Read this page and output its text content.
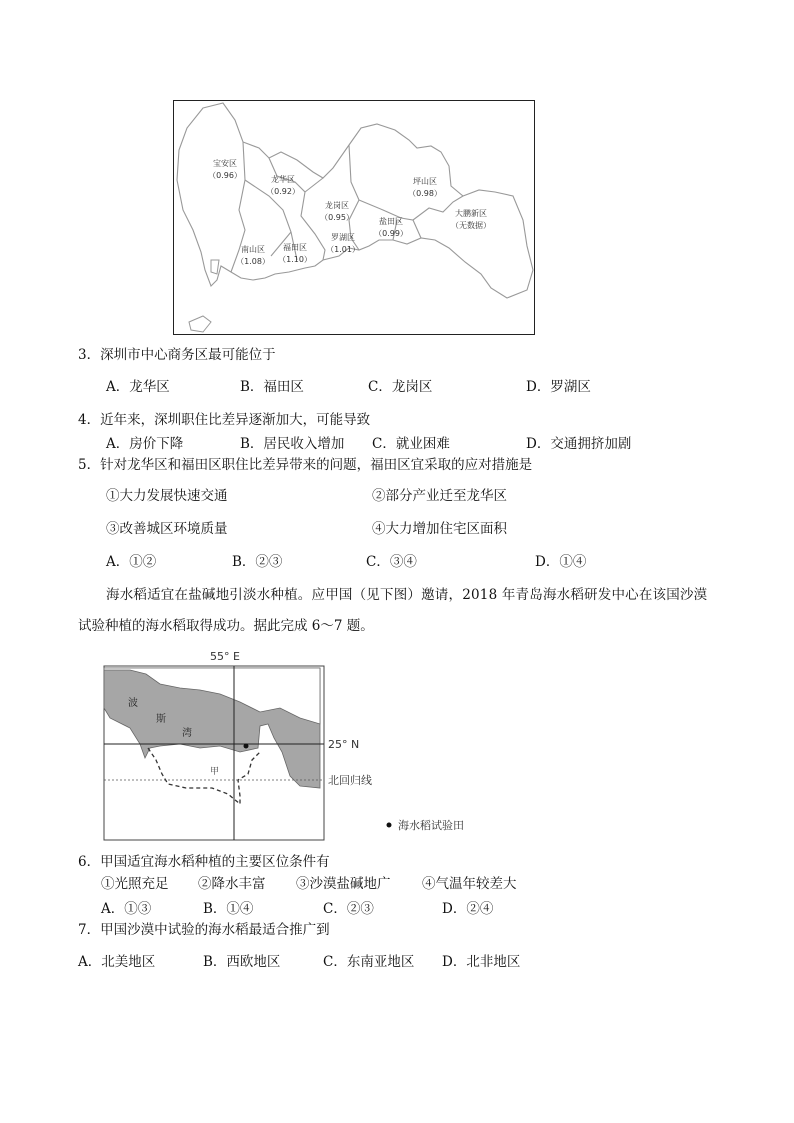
宝安区
（0.96）	龙华区
（0.92）
龙岗区
（0.95）
坪山区
（0.98）
大鹏新区
（无数据）
盐田区
（0.99）
罗湖区
（1.01）
福田区
（1.10）
南山区
（1.08）
3．深圳市中心商务区最可能位于
A．龙华区	B．福田区	C．龙岗区	D．罗湖区
4．近年来，深圳职住比差异逐渐加大，可能导致
A．房价下降	B．居民收入增加 C．就业困难	D．交通拥挤加剧
5．针对龙华区和福田区职住比差异带来的问题，福田区宜采取的应对措施是
①大力发展快速交通	②部分产业迁至龙华区
③改善城区环境质量	④大力增加住宅区面积
A．①②	B．②③	C．③④	D．①④
海水稻适宜在盐碱地引淡水种植。应甲国（见下图）邀请，2018 年青岛海水稻研发中心在该国沙漠
试验种植的海水稻取得成功。据此完成 6～7 题。
55° E
波
斯
湾
甲
25° N
北回归线
海水稻试验田
6．甲国适宜海水稻种植的主要区位条件有
①光照充足 ②降水丰富 ③沙漠盐碱地广 ④气温年较差大
A．①③	B．①④	C．②③	D．②④
7．甲国沙漠中试验的海水稻最适合推广到
A．北美地区	B．西欧地区	C．东南亚地区 D．北非地区
